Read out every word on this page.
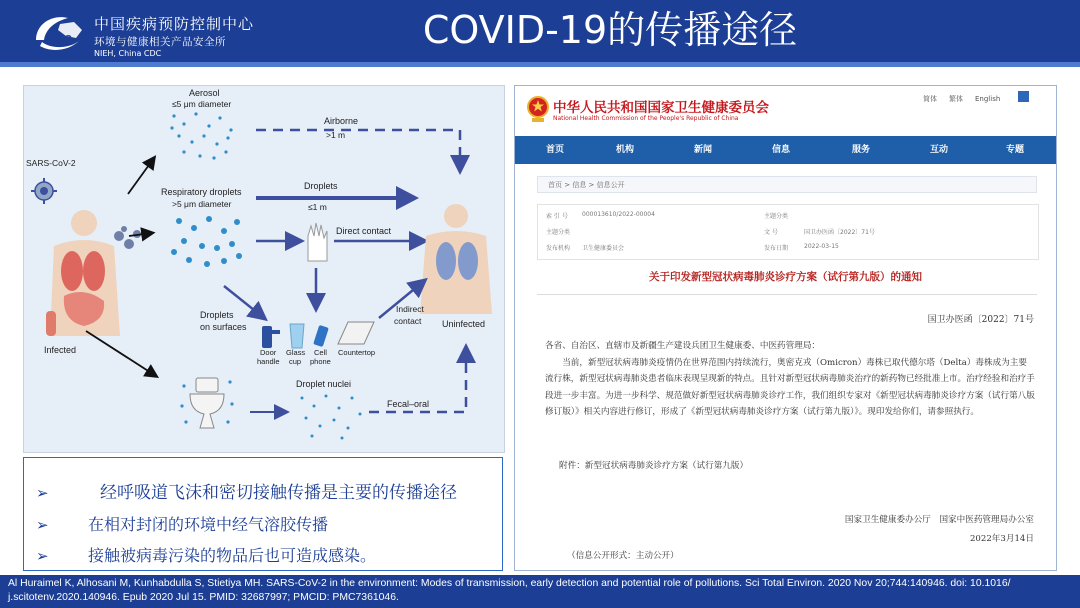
CDC
中国疾病预防控制中心
环境与健康相关产品安全所
NIEH, China CDC
COVID-19的传播途径
Aerosol
≤5 μm diameter
Airborne
>1 m
SARS-CoV-2
Infected
Respiratory droplets
>5 μm diameter
Droplets
≤1 m
Direct contact
Uninfected
Droplets
on surfaces
Door
handle
Glass
cup
Cell
phone
Countertop
Indirect
contact
Droplet nuclei
Fecal–oral
➢	经呼吸道飞沫和密切接触传播是主要的传播途径
➢ 在相对封闭的环境中经气溶胶传播
➢ 接触被病毒污染的物品后也可造成感染。
中华人民共和国国家卫生健康委员会
National Health Commission of the People's Republic of China
简体 繁体 English
首页	机构	新闻	信息	服务	互动	专题
首页 > 信息 > 信息公开
索 引 号 000013610/2022-00004
主题分类
发布机构 卫生健康委员会
主题分类
文 号	国卫办医函〔2022〕71号
发布日期	2022-03-15
关于印发新型冠状病毒肺炎诊疗方案（试行第九版）的通知
国卫办医函〔2022〕71号

各省、自治区、直辖市及新疆生产建设兵团卫生健康委、中医药管理局：

当前，新型冠状病毒肺炎疫情仍在世界范围内持续流行，奥密克戎（Omicron）毒株已取代德尔塔（Delta）毒株成为主要流行株，新型冠状病毒肺炎患者临床表现呈现新的特点。且针对新型冠状病毒肺炎治疗的新药物已经批准上市。治疗经验和治疗手段进一步丰富。为进一步科学、规范做好新型冠状病毒肺炎诊疗工作，我们组织专家对《新型冠状病毒肺炎诊疗方案（试行第八版修订版）》相关内容进行修订，形成了《新型冠状病毒肺炎诊疗方案（试行第九版）》。现印发给你们，请参照执行。

附件：新型冠状病毒肺炎诊疗方案（试行第九版）
国家卫生健康委办公厅　国家中医药管理局办公室
2022年3月14日
（信息公开形式：主动公开）
Al Huraimel K, Alhosani M, Kunhabdulla S, Stietiya MH. SARS-CoV-2 in the environment: Modes of transmission, early detection and potential role of pollutions. Sci Total Environ. 2020 Nov 20;744:140946. doi: 10.1016/ j.scitotenv.2020.140946. Epub 2020 Jul 15. PMID: 32687997; PMCID: PMC7361046.
